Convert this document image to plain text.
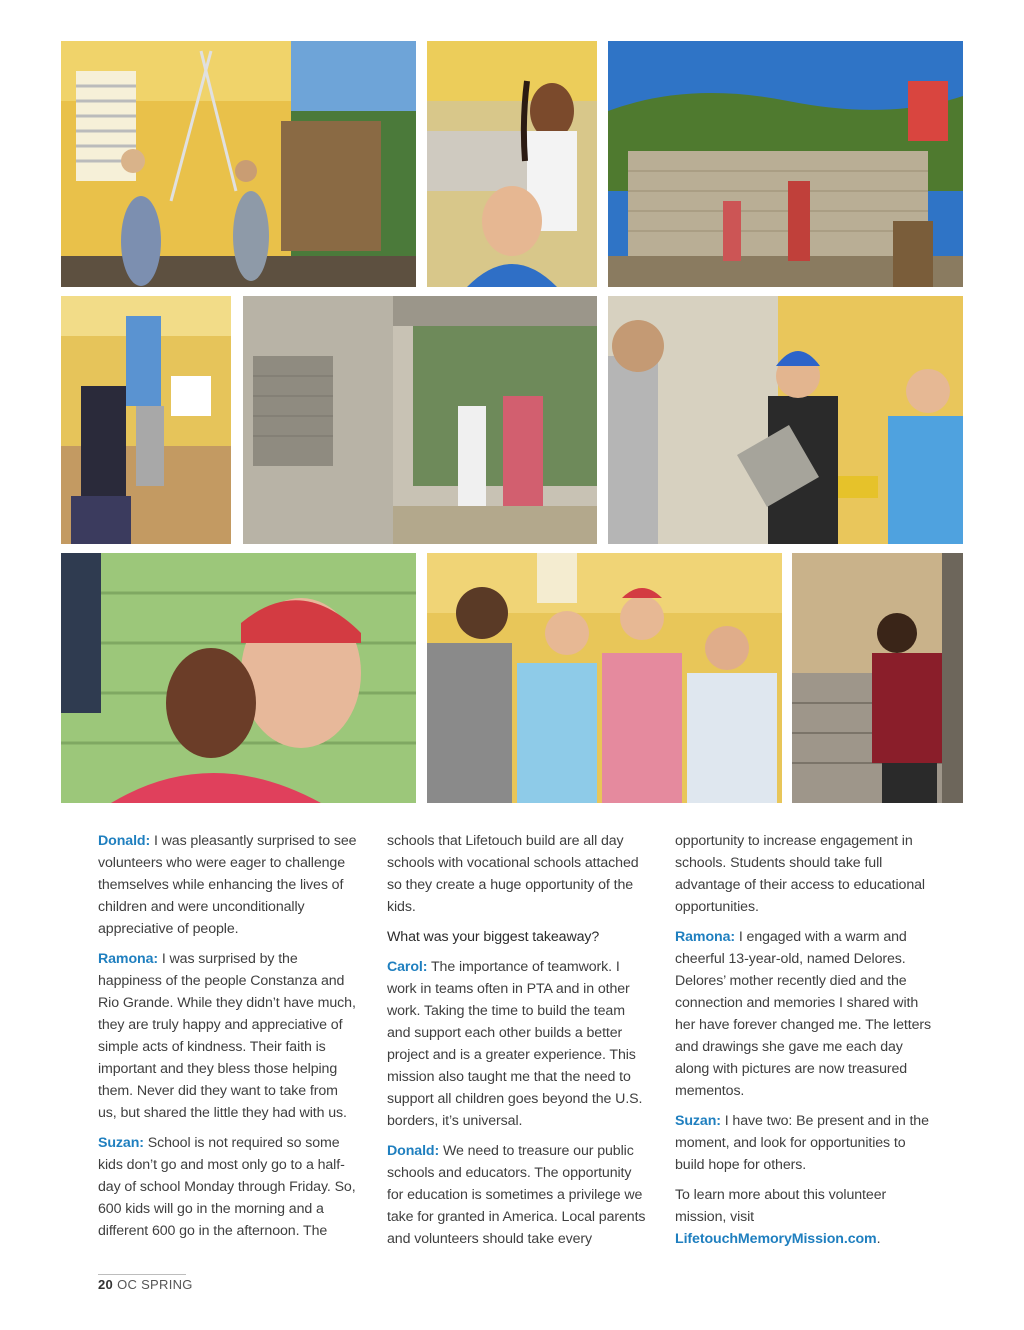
Donald: I was pleasantly surprised to see volunteers who were eager to challenge themselves while enhancing the lives of children and were unconditionally appreciative of people.

Ramona: I was surprised by the happiness of the people Constanza and Rio Grande. While they didn’t have much, they are truly happy and appreciative of simple acts of kindness. Their faith is important and they bless those helping them. Never did they want to take from us, but shared the little they had with us.

Suzan: School is not required so some kids don’t go and most only go to a half-day of school Monday through Friday. So, 600 kids will go in the morning and a different 600 go in the afternoon. The

schools that Lifetouch build are all day schools with vocational schools attached so they create a huge opportunity of the kids.

What was your biggest takeaway?

Carol: The importance of teamwork. I work in teams often in PTA and in other work. Taking the time to build the team and support each other builds a better project and is a greater experience. This mission also taught me that the need to support all children goes beyond the U.S. borders, it’s universal.

Donald: We need to treasure our public schools and educators. The opportunity for education is sometimes a privilege we take for granted in America. Local parents and volunteers should take every

opportunity to increase engagement in schools. Students should take full advantage of their access to educational opportunities.

Ramona: I engaged with a warm and cheerful 13-year-old, named Delores. Delores’ mother recently died and the connection and memories I shared with her have forever changed me. The letters and drawings she gave me each day along with pictures are now treasured mementos.

Suzan: I have two: Be present and in the moment, and look for opportunities to build hope for others.

To learn more about this volunteer mission, visit LifetouchMemoryMission.com.

20 OC SPRING
